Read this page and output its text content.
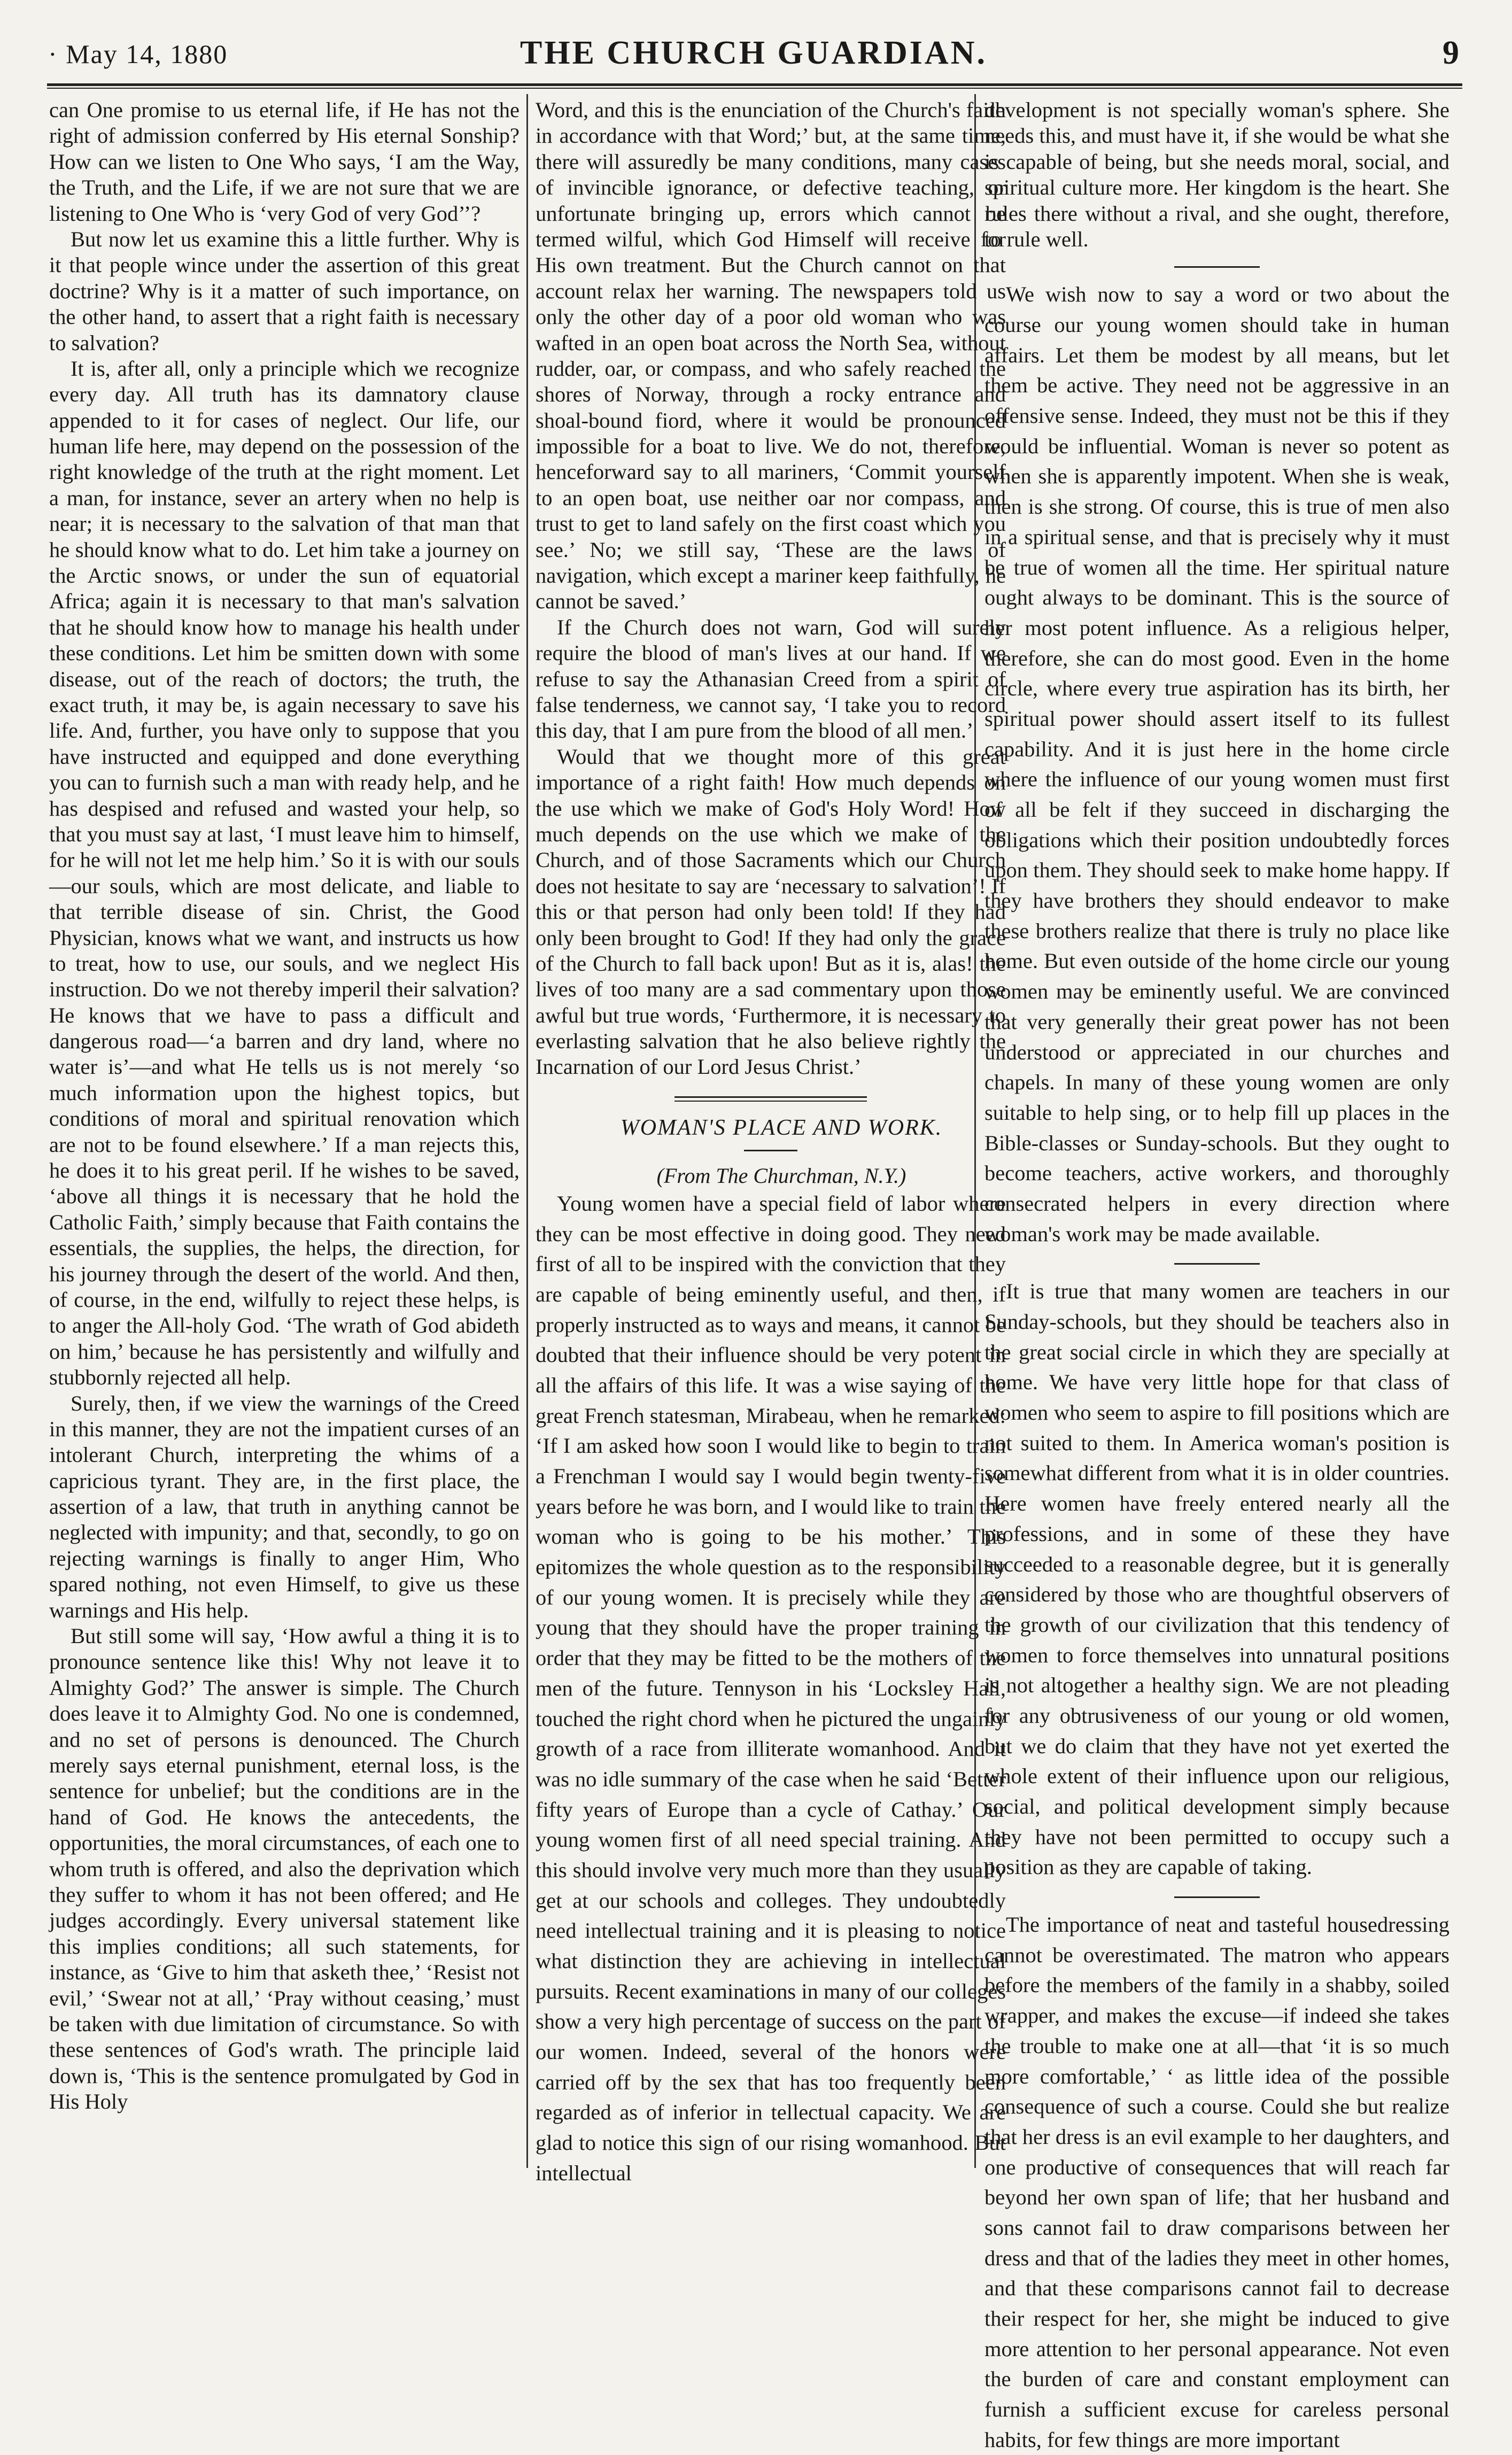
· May 14, 1880	THE CHURCH GUARDIAN.	9

can One promise to us eternal life, if He has not the right of admission conferred by His eternal Sonship? How can we listen to One Who says, ‘I am the Way, the Truth, and the Life, if we are not sure that we are listening to One Who is ‘very God of very God’’?

But now let us examine this a little further. Why is it that people wince under the assertion of this great doctrine? Why is it a matter of such importance, on the other hand, to assert that a right faith is necessary to salvation?

It is, after all, only a principle which we recognize every day. All truth has its damnatory clause appended to it for cases of neglect. Our life, our human life here, may depend on the possession of the right knowledge of the truth at the right moment. Let a man, for instance, sever an artery when no help is near; it is necessary to the salvation of that man that he should know what to do. Let him take a journey on the Arctic snows, or under the sun of equatorial Africa; again it is necessary to that man's salvation that he should know how to manage his health under these conditions. Let him be smitten down with some disease, out of the reach of doctors; the truth, the exact truth, it may be, is again necessary to save his life. And, further, you have only to suppose that you have instructed and equipped and done everything you can to furnish such a man with ready help, and he has despised and refused and wasted your help, so that you must say at last, ‘I must leave him to himself, for he will not let me help him.’ So it is with our souls—our souls, which are most delicate, and liable to that terrible disease of sin. Christ, the Good Physician, knows what we want, and instructs us how to treat, how to use, our souls, and we neglect His instruction. Do we not thereby imperil their salvation? He knows that we have to pass a difficult and dangerous road—‘a barren and dry land, where no water is’—and what He tells us is not merely ‘so much information upon the highest topics, but conditions of moral and spiritual renovation which are not to be found elsewhere.’ If a man rejects this, he does it to his great peril. If he wishes to be saved, ‘above all things it is necessary that he hold the Catholic Faith,’ simply because that Faith contains the essentials, the supplies, the helps, the direction, for his journey through the desert of the world. And then, of course, in the end, wilfully to reject these helps, is to anger the All-holy God. ‘The wrath of God abideth on him,’ because he has persistently and wilfully and stubbornly rejected all help.

Surely, then, if we view the warnings of the Creed in this manner, they are not the impatient curses of an intolerant Church, interpreting the whims of a capricious tyrant. They are, in the first place, the assertion of a law, that truth in anything cannot be neglected with impunity; and that, secondly, to go on rejecting warnings is finally to anger Him, Who spared nothing, not even Himself, to give us these warnings and His help.

But still some will say, ‘How awful a thing it is to pronounce sentence like this! Why not leave it to Almighty God?’ The answer is simple. The Church does leave it to Almighty God. No one is condemned, and no set of persons is denounced. The Church merely says eternal punishment, eternal loss, is the sentence for unbelief; but the conditions are in the hand of God. He knows the antecedents, the opportunities, the moral circumstances, of each one to whom truth is offered, and also the deprivation which they suffer to whom it has not been offered; and He judges accordingly. Every universal statement like this implies conditions; all such statements, for instance, as ‘Give to him that asketh thee,’ ‘Resist not evil,’ ‘Swear not at all,’ ‘Pray without ceasing,’ must be taken with due limitation of circumstance. So with these sentences of God's wrath. The principle laid down is, ‘This is the sentence promulgated by God in His Holy

Word, and this is the enunciation of the Church's faith in accordance with that Word;’ but, at the same time, there will assuredly be many conditions, many cases of invincible ignorance, or defective teaching, or unfortunate bringing up, errors which cannot be termed wilful, which God Himself will receive for His own treatment. But the Church cannot on that account relax her warning. The newspapers told us only the other day of a poor old woman who was wafted in an open boat across the North Sea, without rudder, oar, or compass, and who safely reached the shores of Norway, through a rocky entrance and shoal-bound fiord, where it would be pronounced impossible for a boat to live. We do not, therefore, henceforward say to all mariners, ‘Commit yourself to an open boat, use neither oar nor compass, and trust to get to land safely on the first coast which you see.’ No; we still say, ‘These are the laws of navigation, which except a mariner keep faithfully, he cannot be saved.’

If the Church does not warn, God will surely require the blood of man's lives at our hand. If we refuse to say the Athanasian Creed from a spirit of false tenderness, we cannot say, ‘I take you to record this day, that I am pure from the blood of all men.’

Would that we thought more of this great importance of a right faith! How much depends on the use which we make of God's Holy Word! How much depends on the use which we make of the Church, and of those Sacraments which our Church does not hesitate to say are ‘necessary to salvation’! If this or that person had only been told! If they had only been brought to God! If they had only the grace of the Church to fall back upon! But as it is, alas! the lives of too many are a sad commentary upon those awful but true words, ‘Furthermore, it is necessary to everlasting salvation that he also believe rightly the Incarnation of our Lord Jesus Christ.’

WOMAN'S PLACE AND WORK.

(From The Churchman, N.Y.)

Young women have a special field of labor where they can be most effective in doing good. They need first of all to be inspired with the conviction that they are capable of being eminently useful, and then, if properly instructed as to ways and means, it cannot be doubted that their influence should be very potent in all the affairs of this life. It was a wise saying of the great French statesman, Mirabeau, when he remarked: ‘If I am asked how soon I would like to begin to train a Frenchman I would say I would begin twenty-five years before he was born, and I would like to train the woman who is going to be his mother.’ This epitomizes the whole question as to the responsibility of our young women. It is precisely while they are young that they should have the proper training in order that they may be fitted to be the mothers of the men of the future. Tennyson in his ‘Locksley Hall, touched the right chord when he pictured the ungainly growth of a race from illiterate womanhood. And it was no idle summary of the case when he said ‘Better fifty years of Europe than a cycle of Cathay.’ Our young women first of all need special training. And this should involve very much more than they usually get at our schools and colleges. They undoubtedly need intellectual training and it is pleasing to notice what distinction they are achieving in intellectual pursuits. Recent examinations in many of our colleges show a very high percentage of success on the part of our women. Indeed, several of the honors were carried off by the sex that has too frequently been regarded as of inferior in tellectual capacity. We are glad to notice this sign of our rising womanhood. But intellectual

development is not specially woman's sphere. She needs this, and must have it, if she would be what she is capable of being, but she needs moral, social, and spiritual culture more. Her kingdom is the heart. She rules there without a rival, and she ought, therefore, to rule well.

We wish now to say a word or two about the course our young women should take in human affairs. Let them be modest by all means, but let them be active. They need not be aggressive in an offensive sense. Indeed, they must not be this if they would be influential. Woman is never so potent as when she is apparently impotent. When she is weak, then is she strong. Of course, this is true of men also in a spiritual sense, and that is precisely why it must be true of women all the time. Her spiritual nature ought always to be dominant. This is the source of her most potent influence. As a religious helper, therefore, she can do most good. Even in the home circle, where every true aspiration has its birth, her spiritual power should assert itself to its fullest capability. And it is just here in the home circle where the influence of our young women must first of all be felt if they succeed in discharging the obligations which their position undoubtedly forces upon them. They should seek to make home happy. If they have brothers they should endeavor to make these brothers realize that there is truly no place like home. But even outside of the home circle our young women may be eminently useful. We are convinced that very generally their great power has not been understood or appreciated in our churches and chapels. In many of these young women are only suitable to help sing, or to help fill up places in the Bible-classes or Sunday-schools. But they ought to become teachers, active workers, and thoroughly consecrated helpers in every direction where woman's work may be made available.

It is true that many women are teachers in our Sunday-schools, but they should be teachers also in the great social circle in which they are specially at home. We have very little hope for that class of women who seem to aspire to fill positions which are not suited to them. In America woman's position is somewhat different from what it is in older countries. Here women have freely entered nearly all the professions, and in some of these they have succeeded to a reasonable degree, but it is generally considered by those who are thoughtful observers of the growth of our civilization that this tendency of women to force themselves into unnatural positions is not altogether a healthy sign. We are not pleading for any obtrusiveness of our young or old women, but we do claim that they have not yet exerted the whole extent of their influence upon our religious, social, and political development simply because they have not been permitted to occupy such a position as they are capable of taking.

The importance of neat and tasteful housedressing cannot be overestimated. The matron who appears before the members of the family in a shabby, soiled wrapper, and makes the excuse—if indeed she takes the trouble to make one at all—that ‘it is so much more comfortable,’ ‘ as little idea of the possible consequence of such a course. Could she but realize that her dress is an evil example to her daughters, and one productive of consequences that will reach far beyond her own span of life; that her husband and sons cannot fail to draw comparisons between her dress and that of the ladies they meet in other homes, and that these comparisons cannot fail to decrease their respect for her, she might be induced to give more attention to her personal appearance. Not even the burden of care and constant employment can furnish a sufficient excuse for careless personal habits, for few things are more important
